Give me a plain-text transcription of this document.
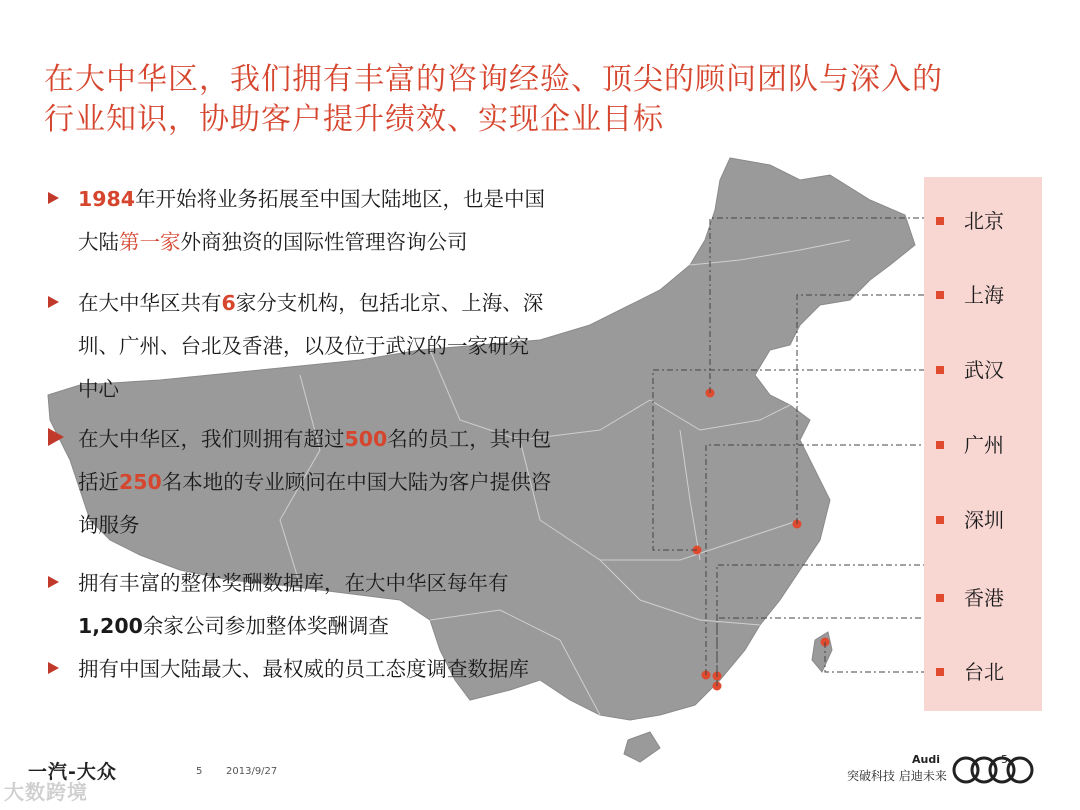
在大中华区，我们拥有丰富的咨询经验、顶尖的顾问团队与深入的
行业知识，协助客户提升绩效、实现企业目标
1984年开始将业务拓展至中国大陆地区，也是中国
大陆第一家外商独资的国际性管理咨询公司
在大中华区共有6家分支机构，包括北京、上海、深
圳、广州、台北及香港，以及位于武汉的一家研究
中心
在大中华区，我们则拥有超过500名的员工，其中包
括近250名本地的专业顾问在中国大陆为客户提供咨
询服务
拥有丰富的整体奖酬数据库，在大中华区每年有
1,200余家公司参加整体奖酬调查
拥有中国大陆最大、最权威的员工态度调查数据库
北京
上海
武汉
广州
深圳
香港
台北
一汽-大众	5 2013/9/27
大数跨境
Audi
突破科技 启迪未来
5
